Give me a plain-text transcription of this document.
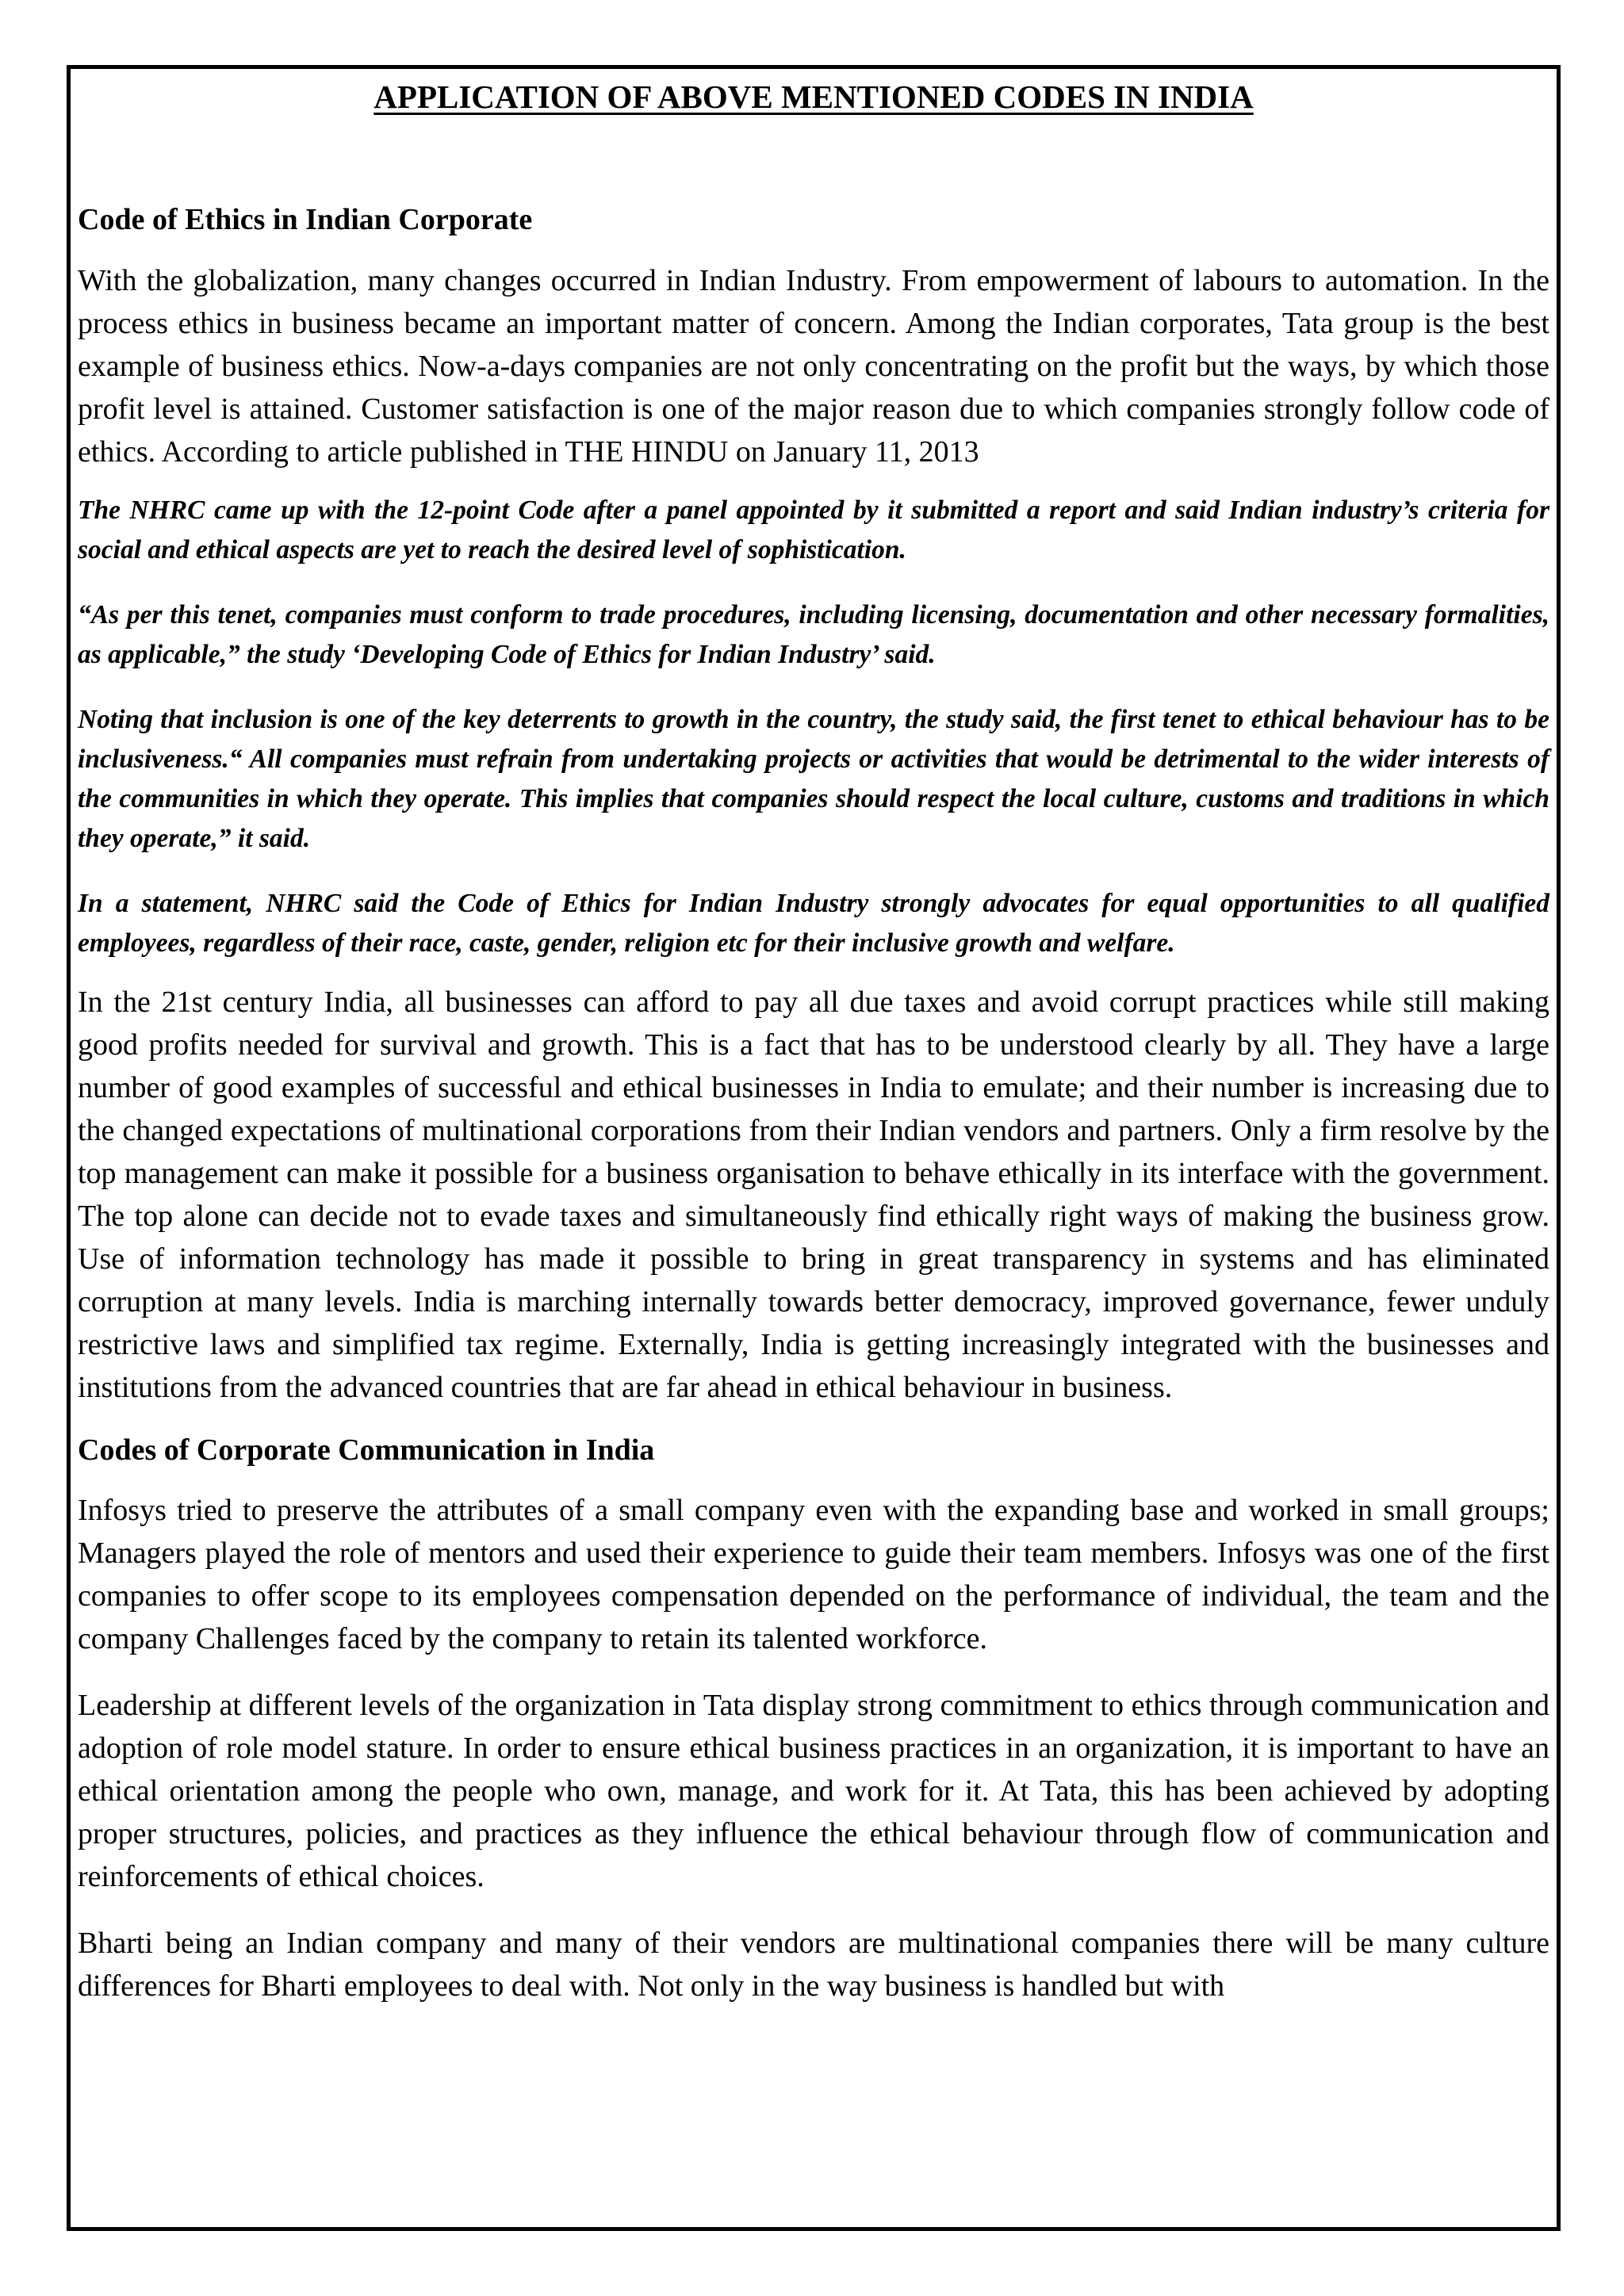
APPLICATION OF ABOVE MENTIONED CODES IN INDIA
Code of Ethics in Indian Corporate

With the globalization, many changes occurred in Indian Industry. From empowerment of labours to automation. In the process ethics in business became an important matter of concern. Among the Indian corporates, Tata group is the best example of business ethics. Now-a-days companies are not only concentrating on the profit but the ways, by which those profit level is attained. Customer satisfaction is one of the major reason due to which companies strongly follow code of ethics. According to article published in THE HINDU on January 11, 2013

The NHRC came up with the 12-point Code after a panel appointed by it submitted a report and said Indian industry’s criteria for social and ethical aspects are yet to reach the desired level of sophistication.

“As per this tenet, companies must conform to trade procedures, including licensing, documentation and other necessary formalities, as applicable,” the study ‘Developing Code of Ethics for Indian Industry’ said.

Noting that inclusion is one of the key deterrents to growth in the country, the study said, the first tenet to ethical behaviour has to be inclusiveness.“ All companies must refrain from undertaking projects or activities that would be detrimental to the wider interests of the communities in which they operate. This implies that companies should respect the local culture, customs and traditions in which they operate,” it said.

In a statement, NHRC said the Code of Ethics for Indian Industry strongly advocates for equal opportunities to all qualified employees, regardless of their race, caste, gender, religion etc for their inclusive growth and welfare.

In the 21st century India, all businesses can afford to pay all due taxes and avoid corrupt practices while still making good profits needed for survival and growth. This is a fact that has to be understood clearly by all. They have a large number of good examples of successful and ethical businesses in India to emulate; and their number is increasing due to the changed expectations of multinational corporations from their Indian vendors and partners. Only a firm resolve by the top management can make it possible for a business organisation to behave ethically in its interface with the government. The top alone can decide not to evade taxes and simultaneously find ethically right ways of making the business grow. Use of information technology has made it possible to bring in great transparency in systems and has eliminated corruption at many levels. India is marching internally towards better democracy, improved governance, fewer unduly restrictive laws and simplified tax regime. Externally, India is getting increasingly integrated with the businesses and institutions from the advanced countries that are far ahead in ethical behaviour in business.

Codes of Corporate Communication in India

Infosys tried to preserve the attributes of a small company even with the expanding base and worked in small groups; Managers played the role of mentors and used their experience to guide their team members. Infosys was one of the first companies to offer scope to its employees compensation depended on the performance of individual, the team and the company Challenges faced by the company to retain its talented workforce.

Leadership at different levels of the organization in Tata display strong commitment to ethics through communication and adoption of role model stature. In order to ensure ethical business practices in an organization, it is important to have an ethical orientation among the people who own, manage, and work for it. At Tata, this has been achieved by adopting proper structures, policies, and practices as they influence the ethical behaviour through flow of communication and reinforcements of ethical choices.

Bharti being an Indian company and many of their vendors are multinational companies there will be many culture differences for Bharti employees to deal with. Not only in the way business is handled but with
